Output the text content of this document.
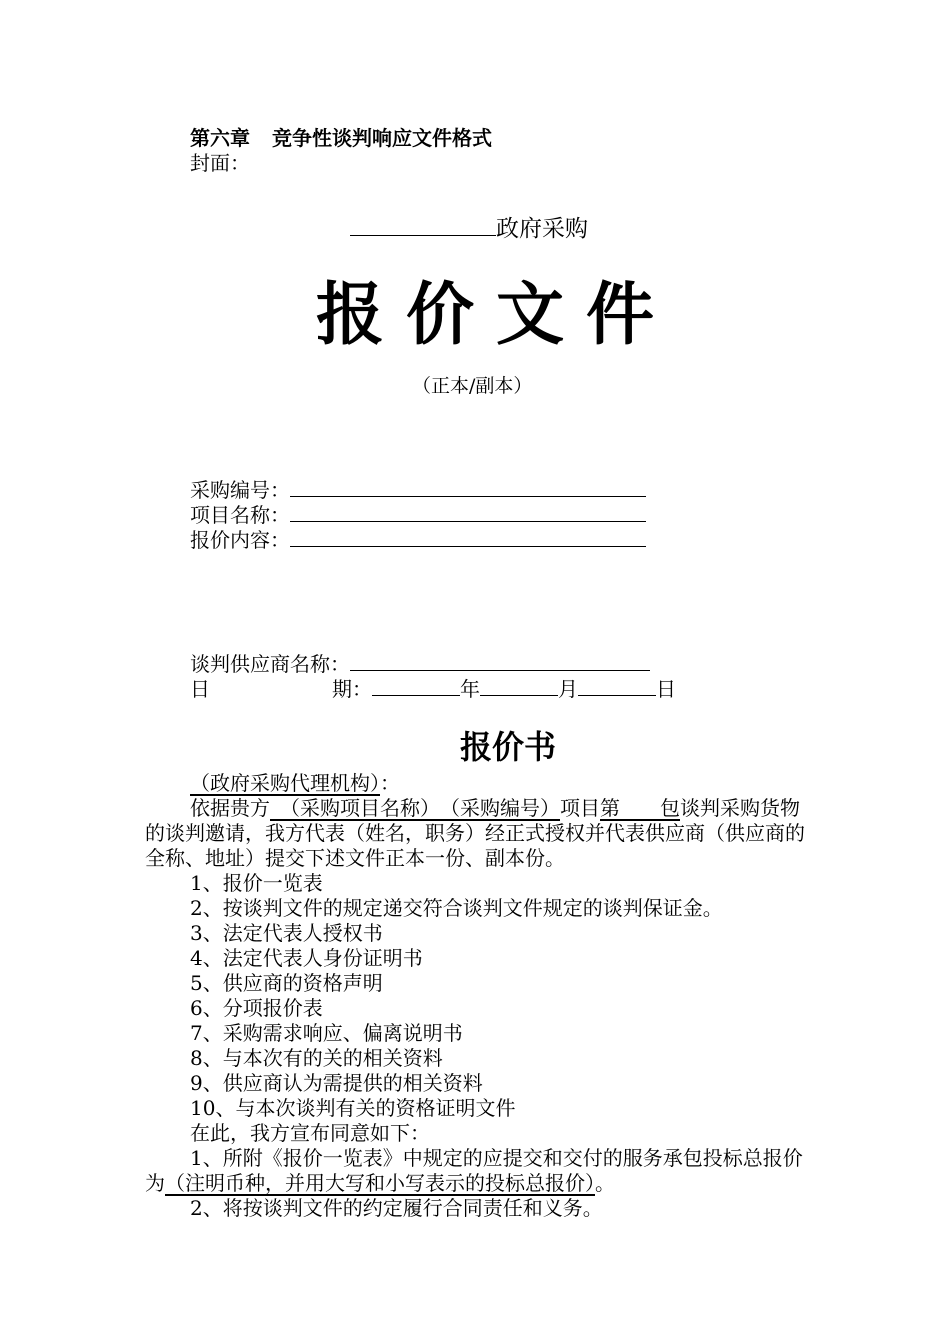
第六章 竞争性谈判响应文件格式
封面：
政府采购
报价文件
（正本/副本）
采购编号：
项目名称：
报价内容：
谈判供应商名称：
日	期：	年	月	日
报价书
（政府采购代理机构）：
依据贵方　 （采购项目名称）　 （采购编号）项目第　　 包谈判采购货物的谈判邀请，我方代表（姓名，职务）经正式授权并代表供应商（供应商的全称、地址）提交下述文件正本一份、副本份。
1、报价一览表
2、按谈判文件的规定递交符合谈判文件规定的谈判保证金。
3、法定代表人授权书
4、法定代表人身份证明书
5、供应商的资格声明
6、分项报价表
7、采购需求响应、偏离说明书
8、与本次有的关的相关资料
9、供应商认为需提供的相关资料
10、与本次谈判有关的资格证明文件
在此，我方宣布同意如下：
1、所附《报价一览表》中规定的应提交和交付的服务承包投标总报价为（注明币种，并用大写和小写表示的投标总报价）。
2、将按谈判文件的约定履行合同责任和义务。
